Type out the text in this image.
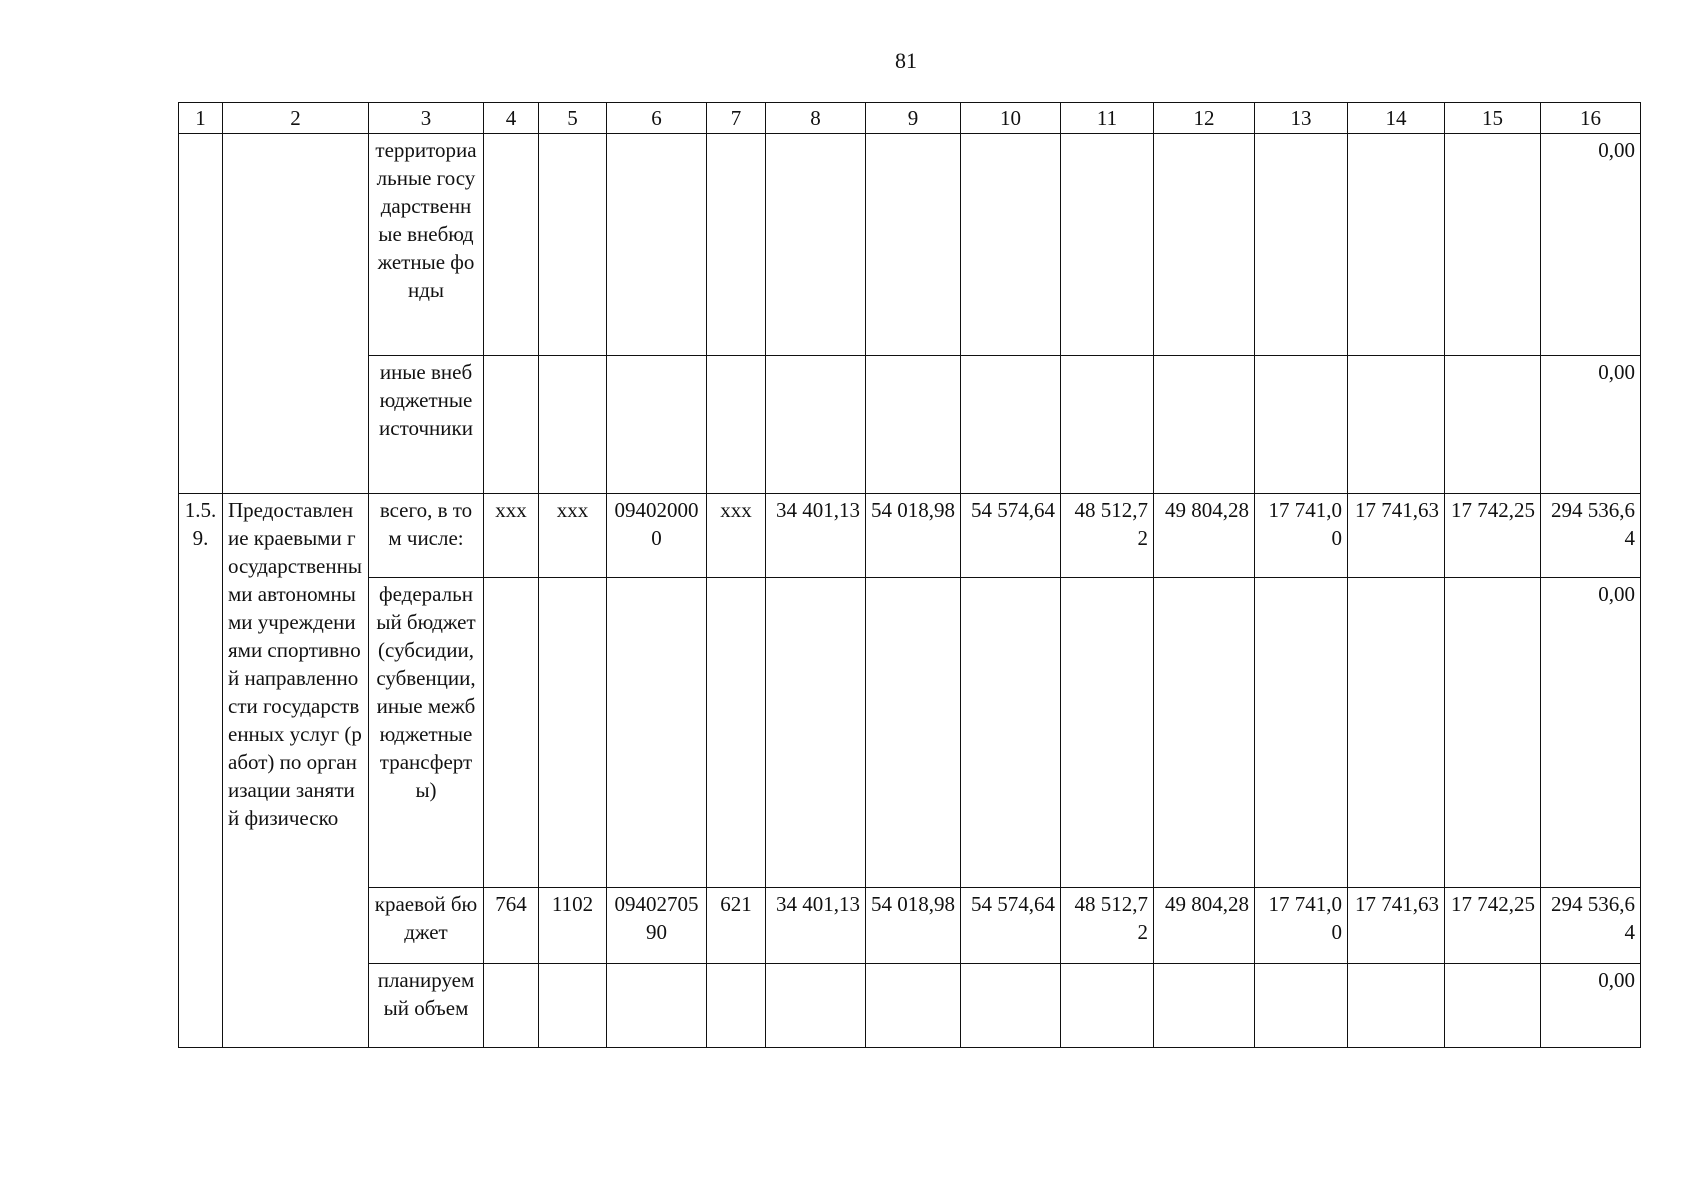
81
1	2	3	4	5	6	7	8	9	10	11	12	13	14	15	16
		территориальные государственные внебюджетные фонды													0,00
		иные внебюджетные источники													0,00
1.5.9.	Предоставление краевыми государственными автономными учреждениями спортивной направленности государственных услуг (работ) по организации занятий физическо	всего, в том числе:	xxx	xxx	094020000	xxx	34 401,13	54 018,98	54 574,64	48 512,72	49 804,28	17 741,00	17 741,63	17 742,25	294 536,64
		федеральный бюджет (субсидии, субвенции, иные межбюджетные трансферты)													0,00
		краевой бюджет	764	1102	0940270590	621	34 401,13	54 018,98	54 574,64	48 512,72	49 804,28	17 741,00	17 741,63	17 742,25	294 536,64
		планируемый объем													0,00
